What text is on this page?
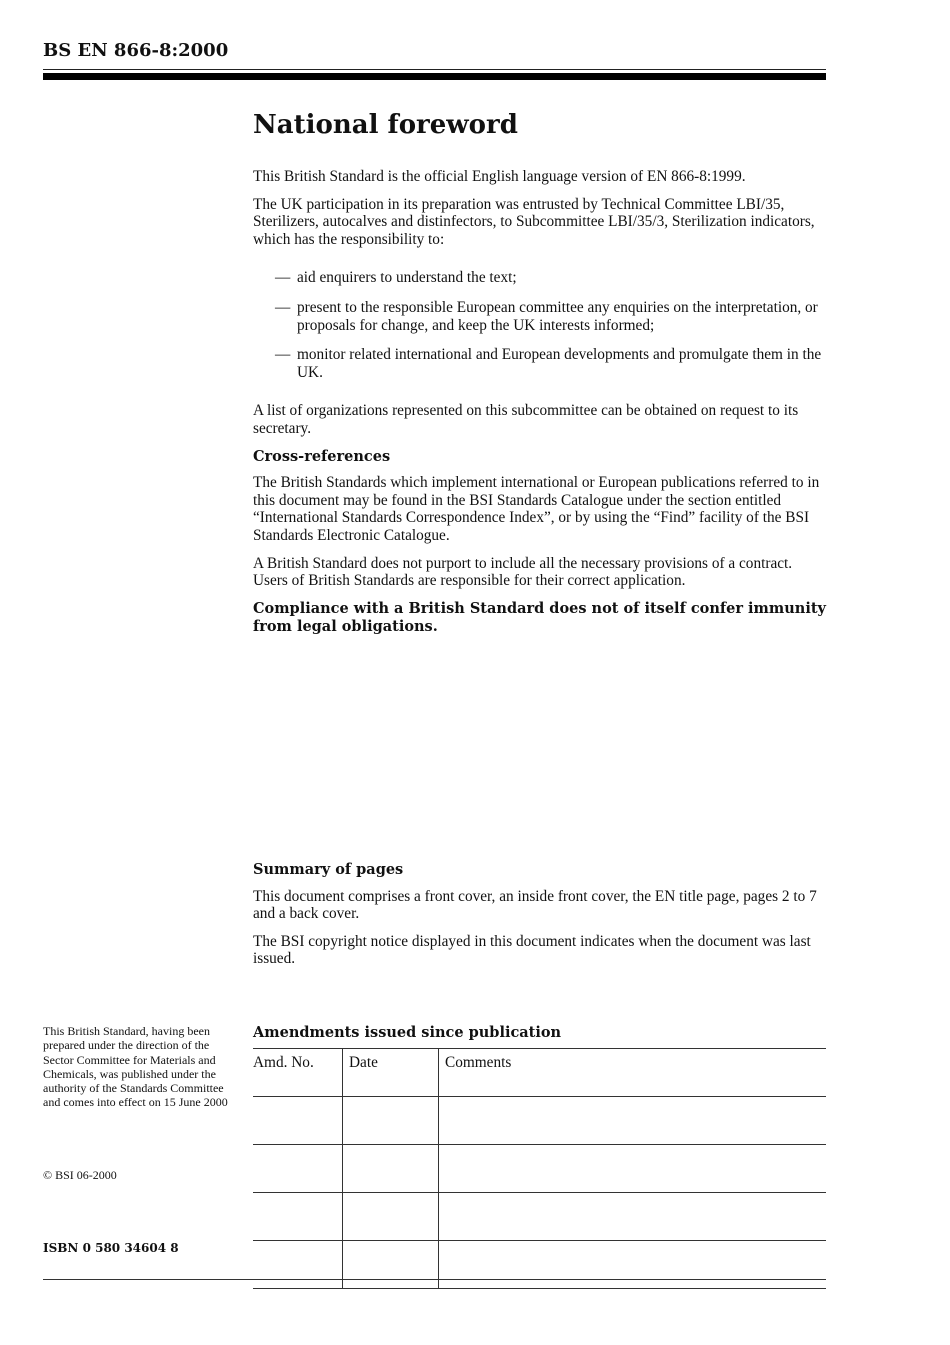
BS EN 866-8:2000
National foreword

This British Standard is the official English language version of EN 866-8:1999.

The UK participation in its preparation was entrusted by Technical Committee LBI/35, Sterilizers, autocalves and distinfectors, to Subcommittee LBI/35/3, Sterilization indicators, which has the responsibility to:

— aid enquirers to understand the text;
— present to the responsible European committee any enquiries on the interpretation, or proposals for change, and keep the UK interests informed;
— monitor related international and European developments and promulgate them in the UK.

A list of organizations represented on this subcommittee can be obtained on request to its secretary.

Cross-references

The British Standards which implement international or European publications referred to in this document may be found in the BSI Standards Catalogue under the section entitled “International Standards Correspondence Index”, or by using the “Find” facility of the BSI Standards Electronic Catalogue.

A British Standard does not purport to include all the necessary provisions of a contract. Users of British Standards are responsible for their correct application.

Compliance with a British Standard does not of itself confer immunity from legal obligations.

Summary of pages

This document comprises a front cover, an inside front cover, the EN title page, pages 2 to 7 and a back cover.

The BSI copyright notice displayed in this document indicates when the document was last issued.

This British Standard, having been prepared under the direction of the Sector Committee for Materials and Chemicals, was published under the authority of the Standards Committee and comes into effect on 15 June 2000
© BSI 06-2000
ISBN 0 580 34604 8
Amendments issued since publication
Amd. No.	Date	Comments
